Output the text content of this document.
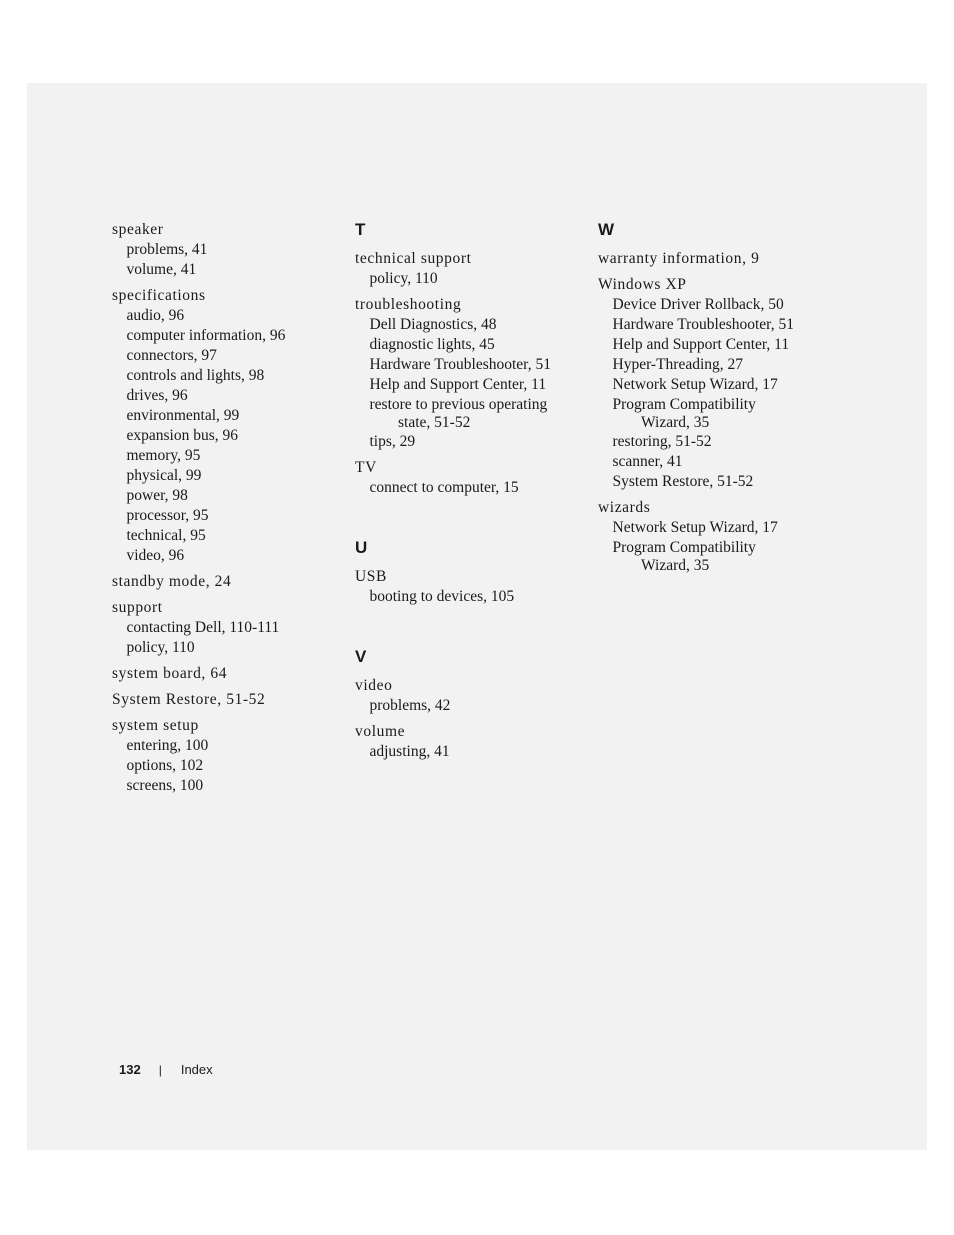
speaker
problems, 41
volume, 41
specifications
audio, 96
computer information, 96
connectors, 97
controls and lights, 98
drives, 96
environmental, 99
expansion bus, 96
memory, 95
physical, 99
power, 98
processor, 95
technical, 95
video, 96
standby mode, 24
support
contacting Dell, 110-111
policy, 110
system board, 64
System Restore, 51-52
system setup
entering, 100
options, 102
screens, 100
T
technical support
policy, 110
troubleshooting
Dell Diagnostics, 48
diagnostic lights, 45
Hardware Troubleshooter, 51
Help and Support Center, 11
restore to previous operating
state, 51-52
tips, 29
TV
connect to computer, 15
U
USB
booting to devices, 105
V
video
problems, 42
volume
adjusting, 41
W
warranty information, 9
Windows XP
Device Driver Rollback, 50
Hardware Troubleshooter, 51
Help and Support Center, 11
Hyper-Threading, 27
Network Setup Wizard, 17
Program Compatibility
Wizard, 35
restoring, 51-52
scanner, 41
System Restore, 51-52
wizards
Network Setup Wizard, 17
Program Compatibility
Wizard, 35
132 | Index
